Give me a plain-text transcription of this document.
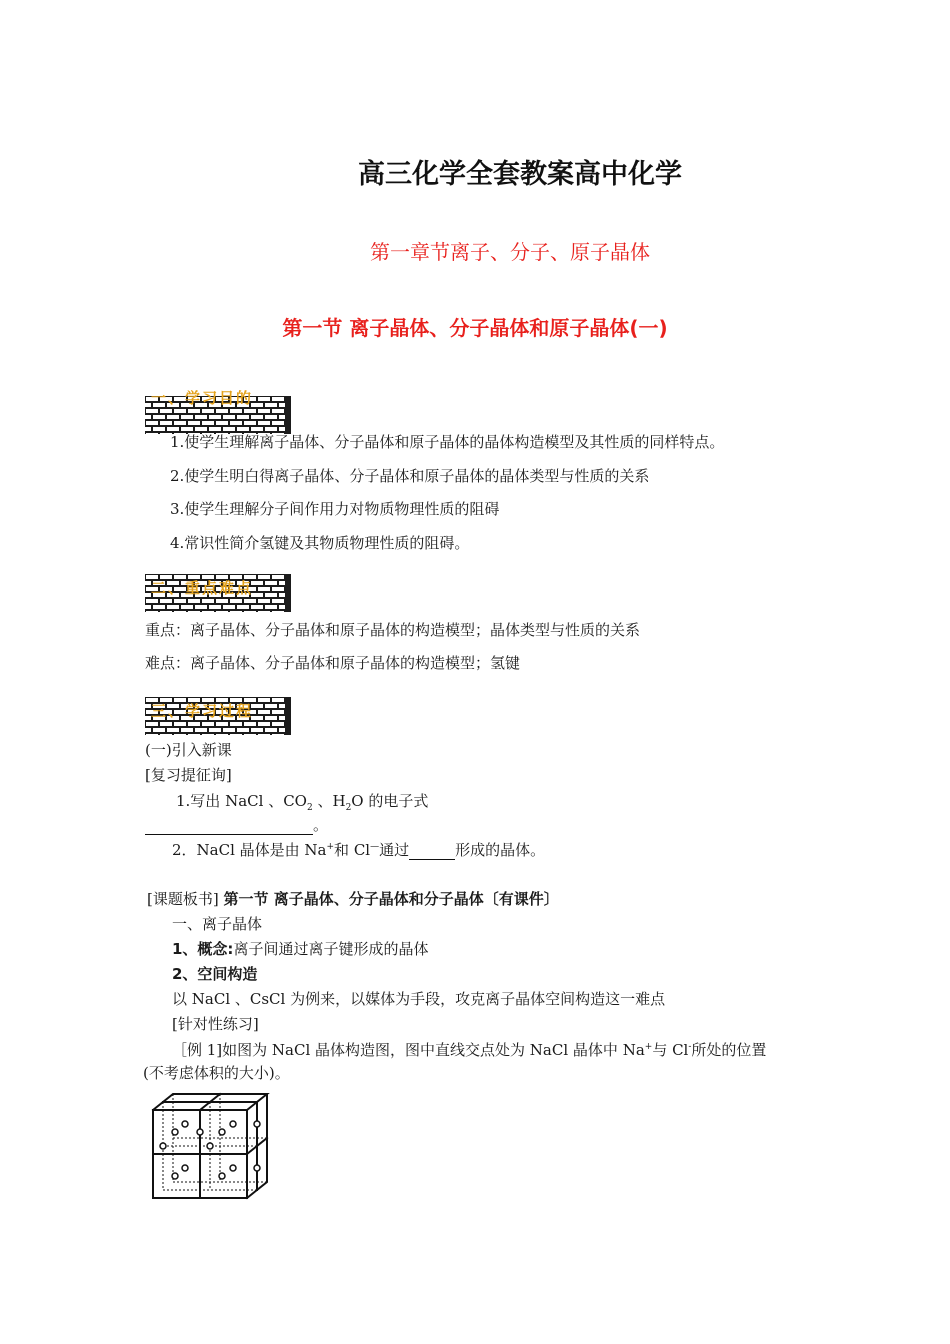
高三化学全套教案高中化学
第一章节离子、分子、原子晶体
第一节 离子晶体、分子晶体和原子晶体(一)
一、学习目的
1.使学生理解离子晶体、分子晶体和原子晶体的晶体构造模型及其性质的同样特点。
2.使学生明白得离子晶体、分子晶体和原子晶体的晶体类型与性质的关系
3.使学生理解分子间作用力对物质物理性质的阻碍
4.常识性简介氢键及其物质物理性质的阻碍。
二、重点难点
重点：离子晶体、分子晶体和原子晶体的构造模型；晶体类型与性质的关系
难点：离子晶体、分子晶体和原子晶体的构造模型；氢键
三、学习过程
(一)引入新课
[复习提征询]
1.写出 NaCl 、$CO_2$ 、$H_2O$ 的电子式
。
2．NaCl 晶体是由 Na+和 Cl—通过	形成的晶体。
[课题板书] 第一节 离子晶体、分子晶体和分子晶体〔有课件〕
一、离子晶体
1、概念:离子间通过离子键形成的晶体
2、空间构造
以 NaCl 、CsCl 为例来，以媒体为手段，攻克离子晶体空间构造这一难点
[针对性练习]
［例 1]如图为 NaCl 晶体构造图，图中直线交点处为 NaCl 晶体中 Na+与 Cl-所处的位置
(不考虑体积的大小)。
